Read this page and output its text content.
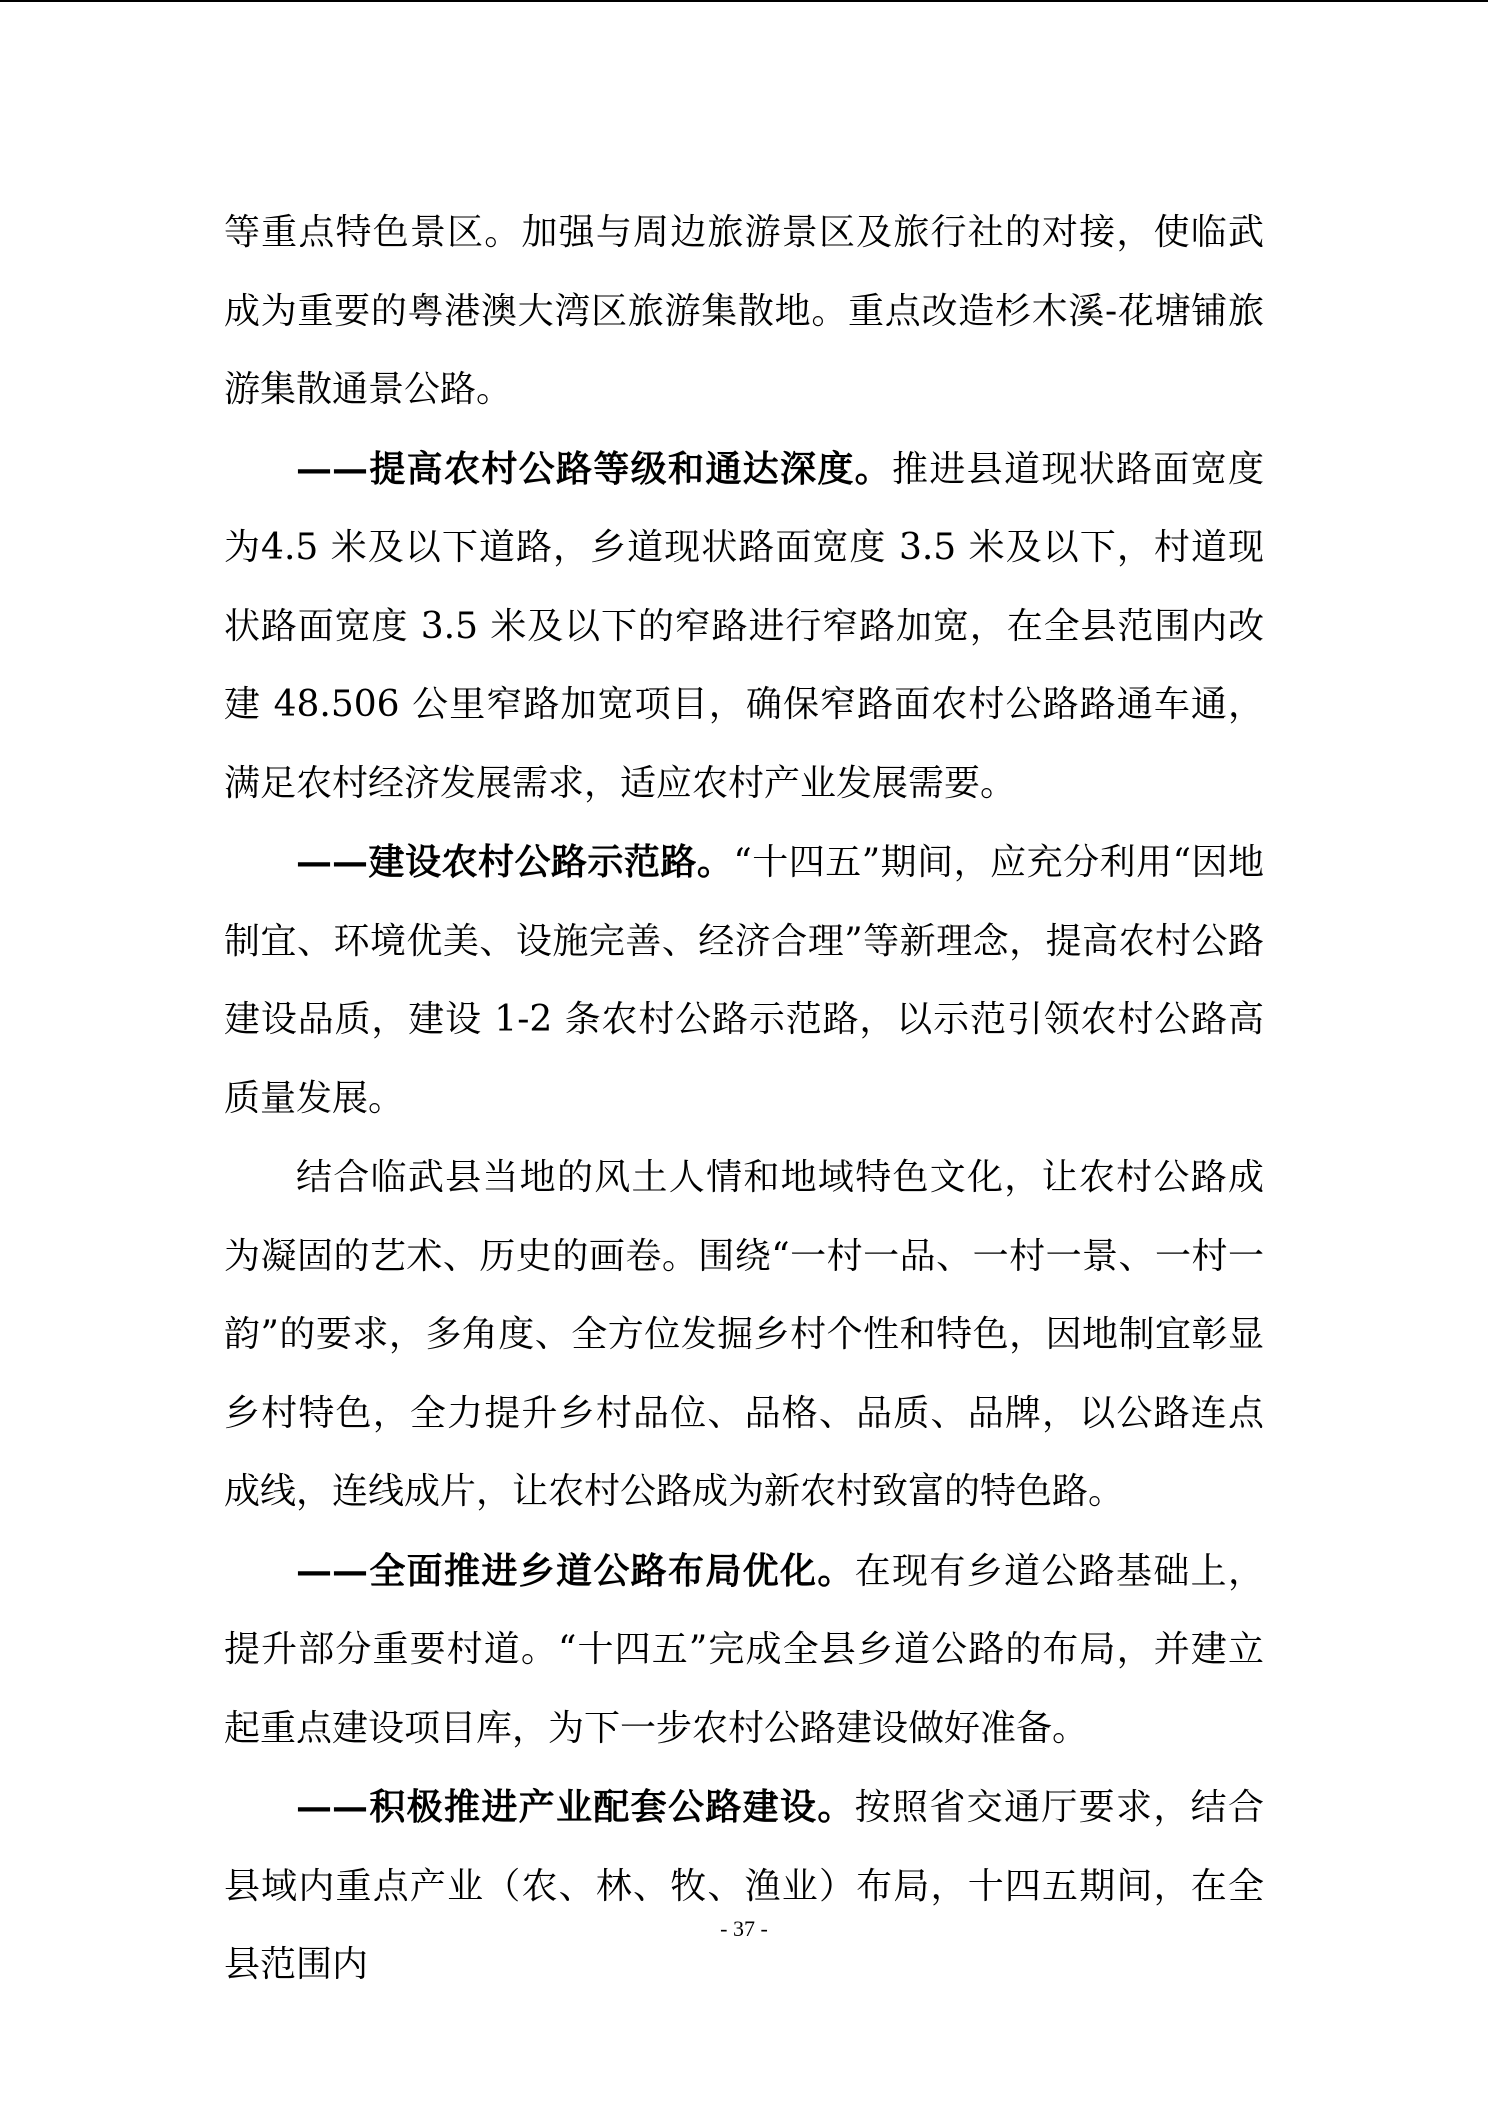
等重点特色景区。加强与周边旅游景区及旅行社的对接，使临武成为重要的粤港澳大湾区旅游集散地。重点改造杉木溪-花塘铺旅游集散通景公路。

——提高农村公路等级和通达深度。推进县道现状路面宽度为4.5 米及以下道路，乡道现状路面宽度 3.5 米及以下，村道现状路面宽度 3.5 米及以下的窄路进行窄路加宽，在全县范围内改建 48.506 公里窄路加宽项目，确保窄路面农村公路路通车通，满足农村经济发展需求，适应农村产业发展需要。

——建设农村公路示范路。“十四五”期间，应充分利用“因地制宜、环境优美、设施完善、经济合理”等新理念，提高农村公路建设品质，建设 1-2 条农村公路示范路，以示范引领农村公路高质量发展。

结合临武县当地的风土人情和地域特色文化，让农村公路成为凝固的艺术、历史的画卷。围绕“一村一品、一村一景、一村一韵”的要求，多角度、全方位发掘乡村个性和特色，因地制宜彰显乡村特色，全力提升乡村品位、品格、品质、品牌，以公路连点成线，连线成片，让农村公路成为新农村致富的特色路。

——全面推进乡道公路布局优化。在现有乡道公路基础上，提升部分重要村道。“十四五”完成全县乡道公路的布局，并建立起重点建设项目库，为下一步农村公路建设做好准备。

——积极推进产业配套公路建设。按照省交通厅要求，结合县域内重点产业（农、林、牧、渔业）布局，十四五期间，在全县范围内

- 37 -
